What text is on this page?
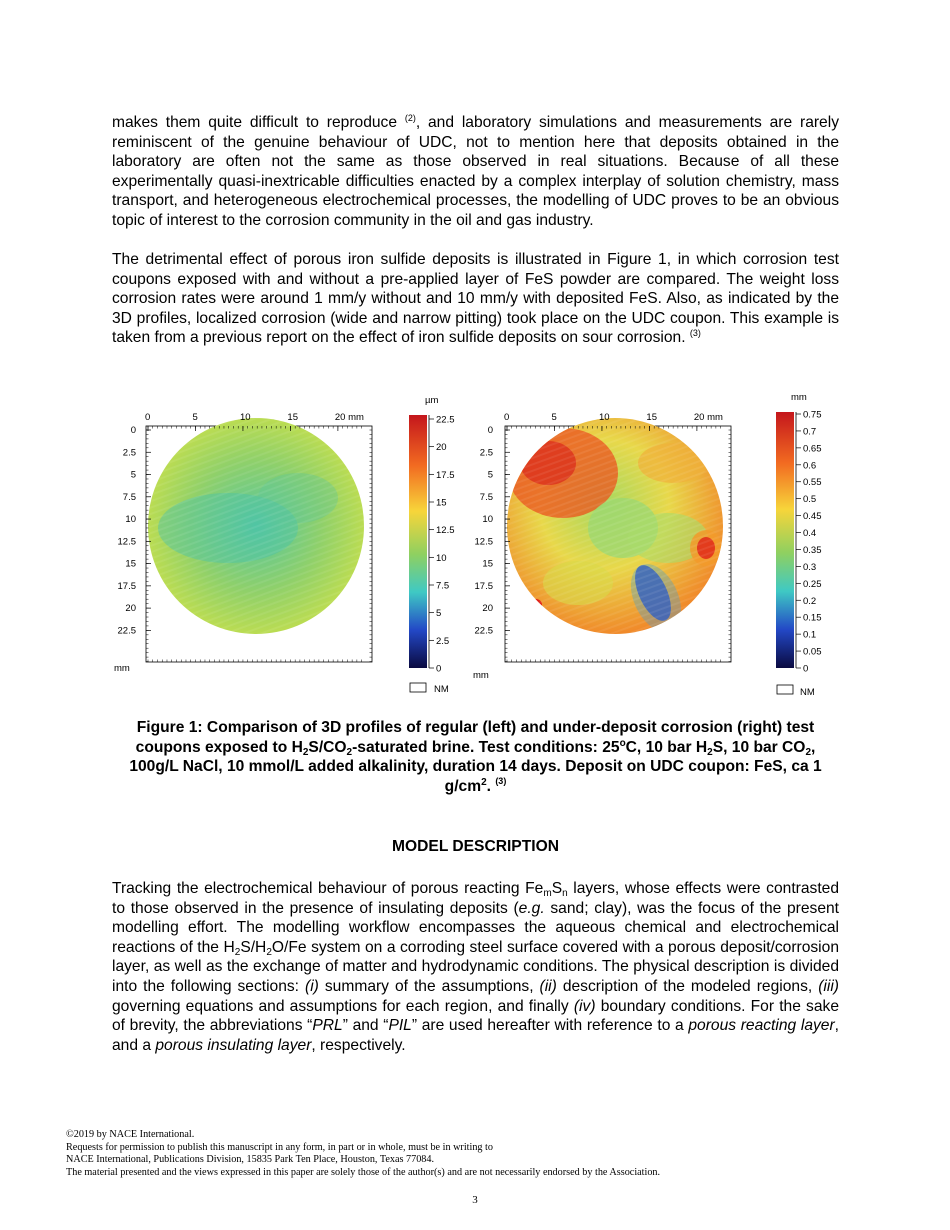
makes them quite difficult to reproduce $^{(2)}$, and laboratory simulations and measurements are rarely reminiscent of the genuine behaviour of UDC, not to mention here that deposits obtained in the laboratory are often not the same as those observed in real situations. Because of all these experimentally quasi-inextricable difficulties enacted by a complex interplay of solution chemistry, mass transport, and heterogeneous electrochemical processes, the modelling of UDC proves to be an obvious topic of interest to the corrosion community in the oil and gas industry.

The detrimental effect of porous iron sulfide deposits is illustrated in Figure 1, in which corrosion test coupons exposed with and without a pre-applied layer of FeS powder are compared. The weight loss corrosion rates were around 1 mm/y without and 10 mm/y with deposited FeS. Also, as indicated by the 3D profiles, localized corrosion (wide and narrow pitting) took place on the UDC coupon. This example is taken from a previous report on the effect of iron sulfide deposits on sour corrosion. $^{(3)}$

0	5	10	15	20 mm
0
2.5
5
7.5
10
12.5
15
17.5
20
22.5
mm
µm
22.5
20
17.5
15
12.5
10
7.5
5
2.5
0
NM
0	5	10	15	20 mm
0
2.5
5
7.5
10
12.5
15
17.5
20
22.5
mm
mm
0.75
0.7
0.65
0.6
0.55
0.5
0.45
0.4
0.35
0.3
0.25
0.2
0.15
0.1
0.05
0
NM

Figure 1: Comparison of 3D profiles of regular (left) and under-deposit corrosion (right) test coupons exposed to $H_2S/CO_2$-saturated brine. Test conditions: 25$^o$C, 10 bar $H_2S$, 10 bar $CO_2$, 100g/L NaCl, 10 mmol/L added alkalinity, duration 14 days. Deposit on UDC coupon: FeS, ca 1 $g/cm^2$. $^{(3)}$

MODEL DESCRIPTION

Tracking the electrochemical behaviour of porous reacting $Fe_mS_n$ layers, whose effects were contrasted to those observed in the presence of insulating deposits (e.g. sand; clay), was the focus of the present modelling effort. The modelling workflow encompasses the aqueous chemical and electrochemical reactions of the $H_2S/H_2O/Fe$ system on a corroding steel surface covered with a porous deposit/corrosion layer, as well as the exchange of matter and hydrodynamic conditions. The physical description is divided into the following sections: (i) summary of the assumptions, (ii) description of the modeled regions, (iii) governing equations and assumptions for each region, and finally (iv) boundary conditions. For the sake of brevity, the abbreviations “PRL” and “PIL” are used hereafter with reference to a porous reacting layer, and a porous insulating layer, respectively.

©2019 by NACE International.
Requests for permission to publish this manuscript in any form, in part or in whole, must be in writing to
NACE International, Publications Division, 15835 Park Ten Place, Houston, Texas 77084.
The material presented and the views expressed in this paper are solely those of the author(s) and are not necessarily endorsed by the Association.
3
